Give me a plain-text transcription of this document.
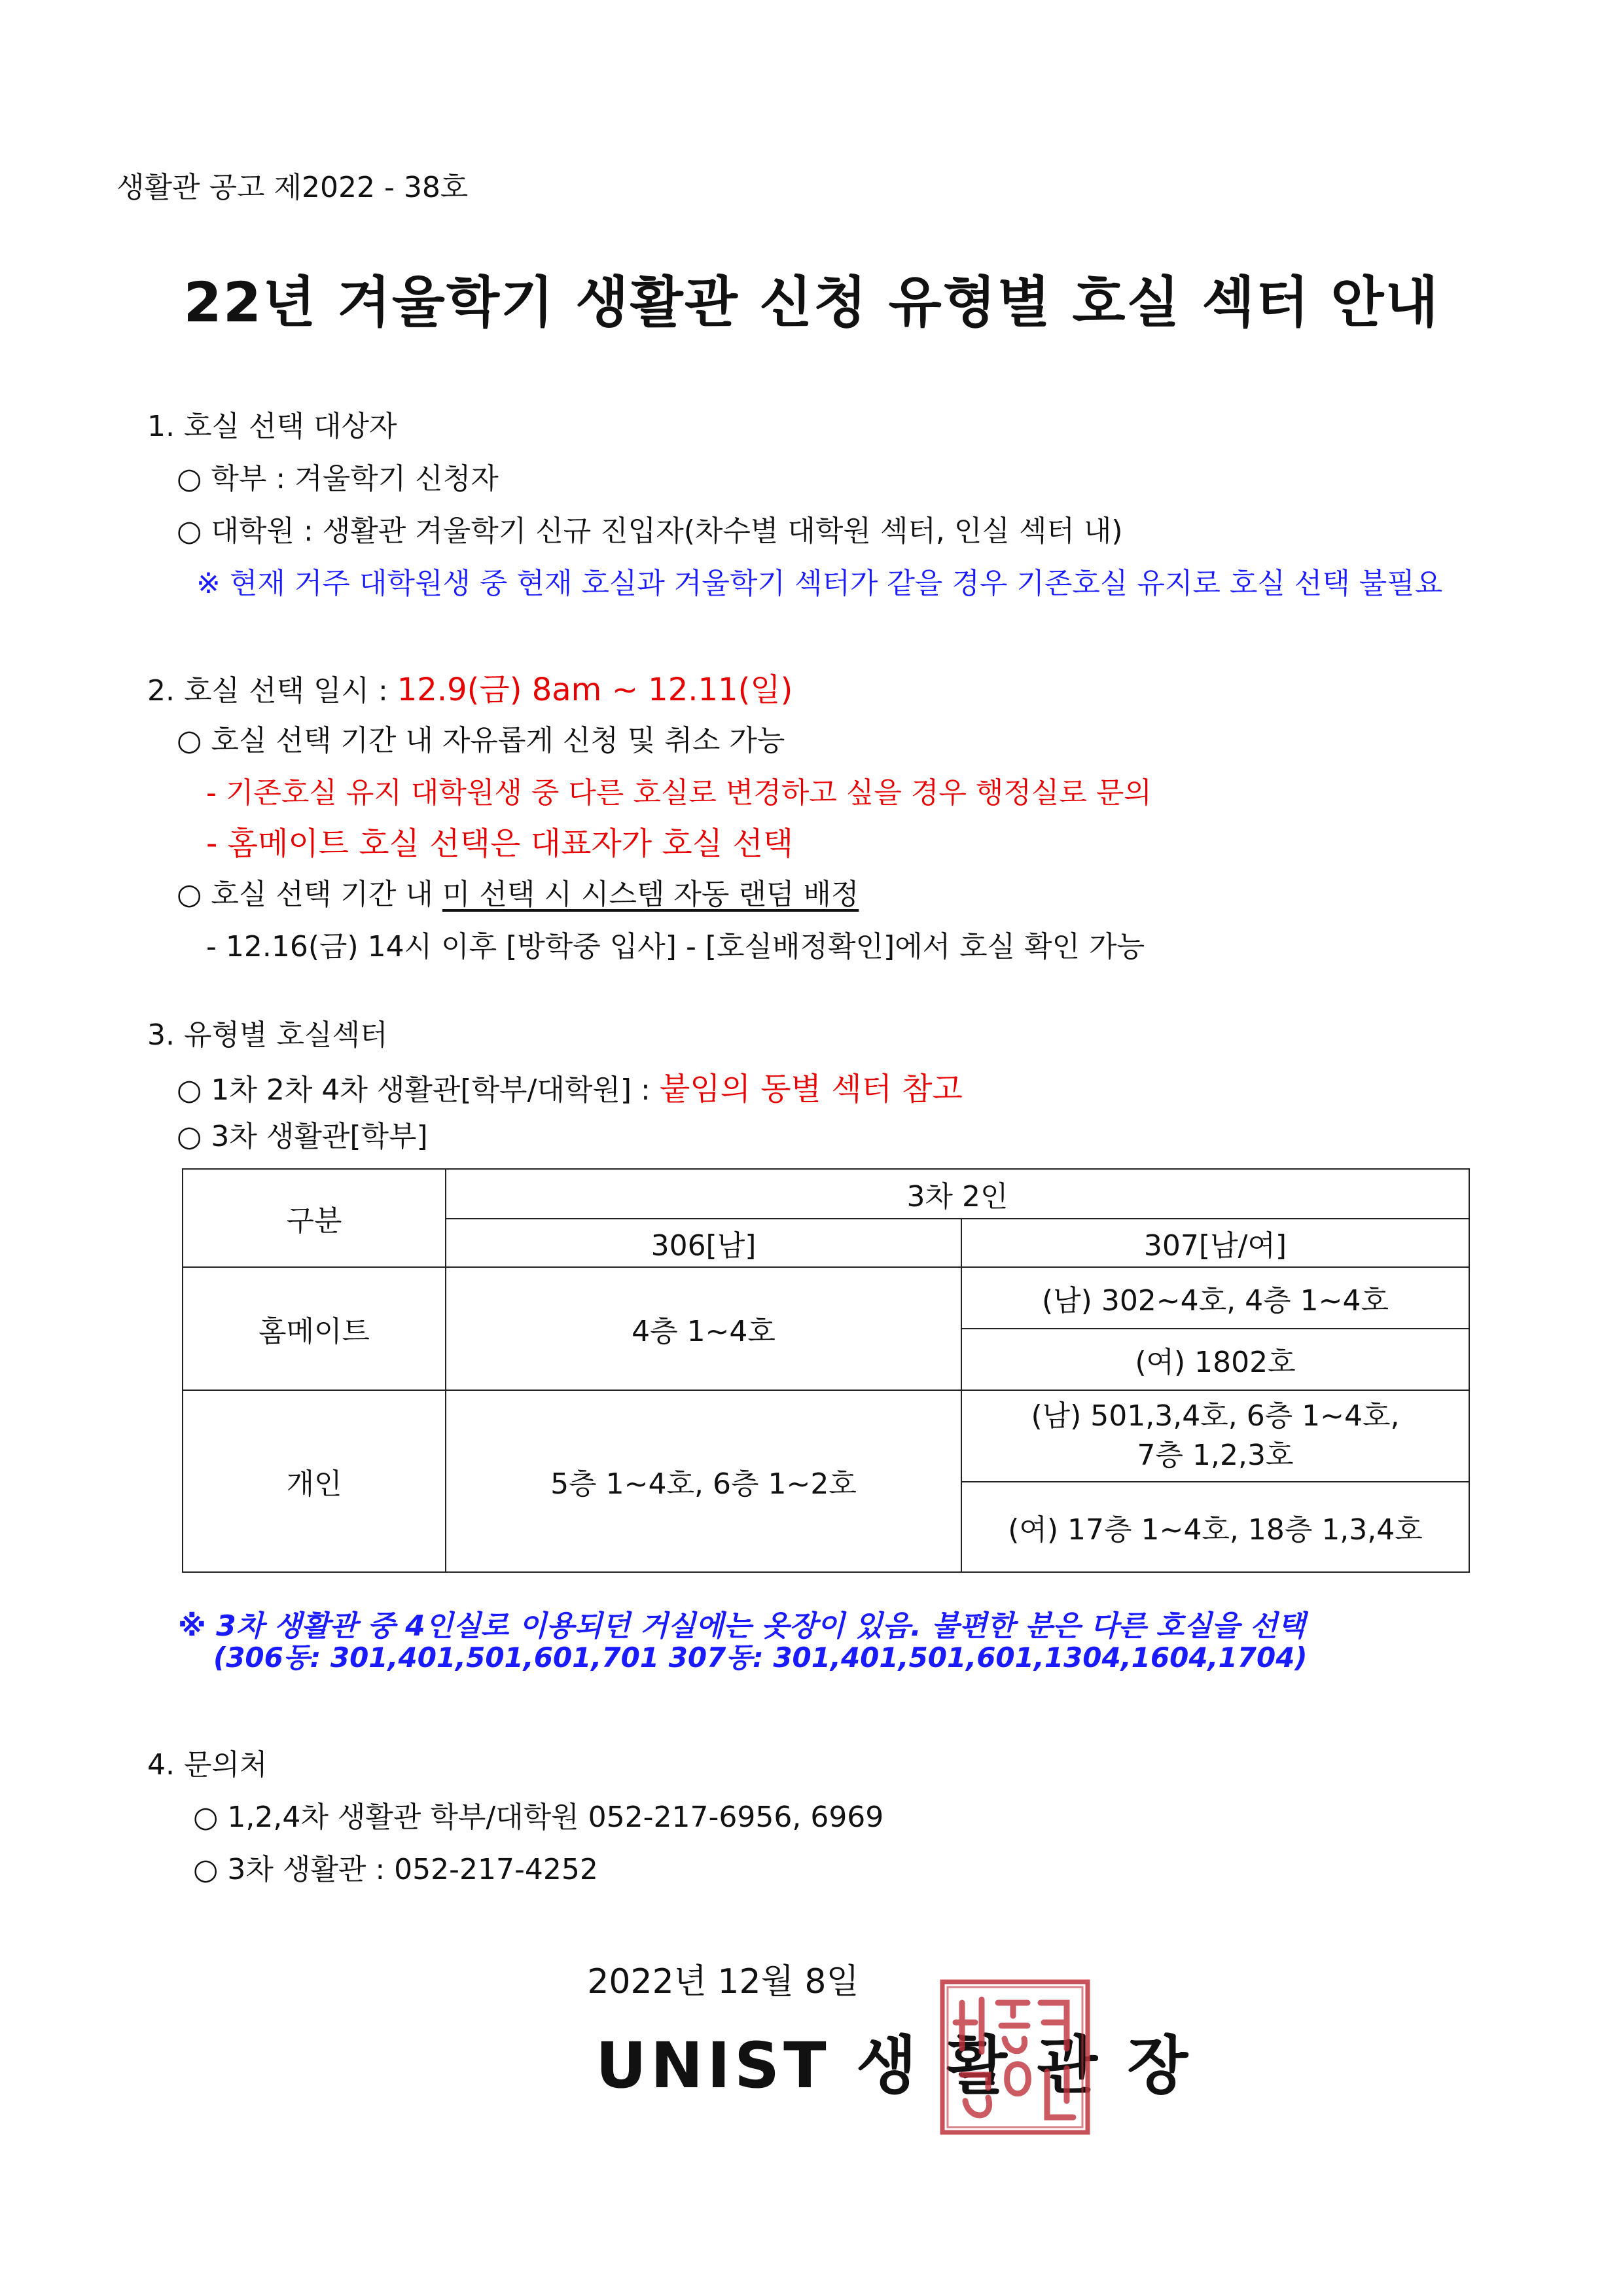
생활관 공고 제2022 - 38호
22년 겨울학기 생활관 신청 유형별 호실 섹터 안내
1. 호실 선택 대상자
○ 학부 : 겨울학기 신청자
○ 대학원 : 생활관 겨울학기 신규 진입자(차수별 대학원 섹터, 인실 섹터 내)
※ 현재 거주 대학원생 중 현재 호실과 겨울학기 섹터가 같을 경우 기존호실 유지로 호실 선택 불필요
2. 호실 선택 일시 : 12.9(금) 8am ~ 12.11(일)
○ 호실 선택 기간 내 자유롭게 신청 및 취소 가능
- 기존호실 유지 대학원생 중 다른 호실로 변경하고 싶을 경우 행정실로 문의
- 홈메이트 호실 선택은 대표자가 호실 선택
○ 호실 선택 기간 내 미 선택 시 시스템 자동 랜덤 배정
- 12.16(금) 14시 이후 [방학중 입사] - [호실배정확인]에서 호실 확인 가능
3. 유형별 호실섹터
○ 1차 2차 4차 생활관[학부/대학원] : 붙임의 동별 섹터 참고
○ 3차 생활관[학부]
구분	3차 2인	
	306[남]	307[남/여]
홈메이트	4층 1~4호	(남) 302~4호, 4층 1~4호
		(여) 1802호
개인	5층 1~4호, 6층 1~2호	(남) 501,3,4호, 6층 1~4호,
7층 1,2,3호

		(여) 17층 1~4호, 18층 1,3,4호
※ 3차 생활관 중 4인실로 이용되던 거실에는 옷장이 있음. 불편한 분은 다른 호실을 선택
(306동: 301,401,501,601,701 307동: 301,401,501,601,1304,1604,1704)
4. 문의처
○ 1,2,4차 생활관 학부/대학원 052-217-6956, 6969
○ 3차 생활관 : 052-217-4252
2022년 12월 8일
UNIST 생 활 관 장
